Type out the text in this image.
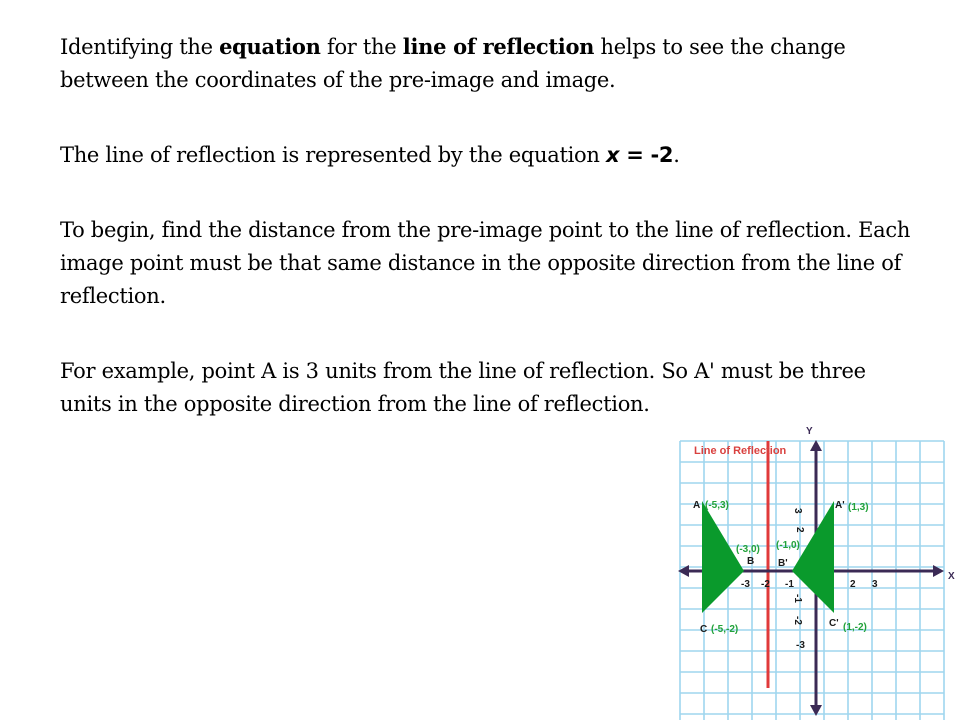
Identifying the equation for the line of reflection helps to see the change between the coordinates of the pre-image and image.

The line of reflection is represented by the equation x = -2.

To begin, find the distance from the pre-image point to the line of reflection. Each image point must be that same distance in the opposite direction from the line of reflection.

For example, point A is 3 units from the line of reflection. So A' must be three units in the opposite direction from the line of reflection.

Line of Reflection
Y
X
A
B
C
A'
B'
C'
(-5,3)
(-3,0)
(-5,-2)
(1,3)
(-1,0)
(1,-2)
-3 -2 -1	2 3
3
2
-1
-2
-3
